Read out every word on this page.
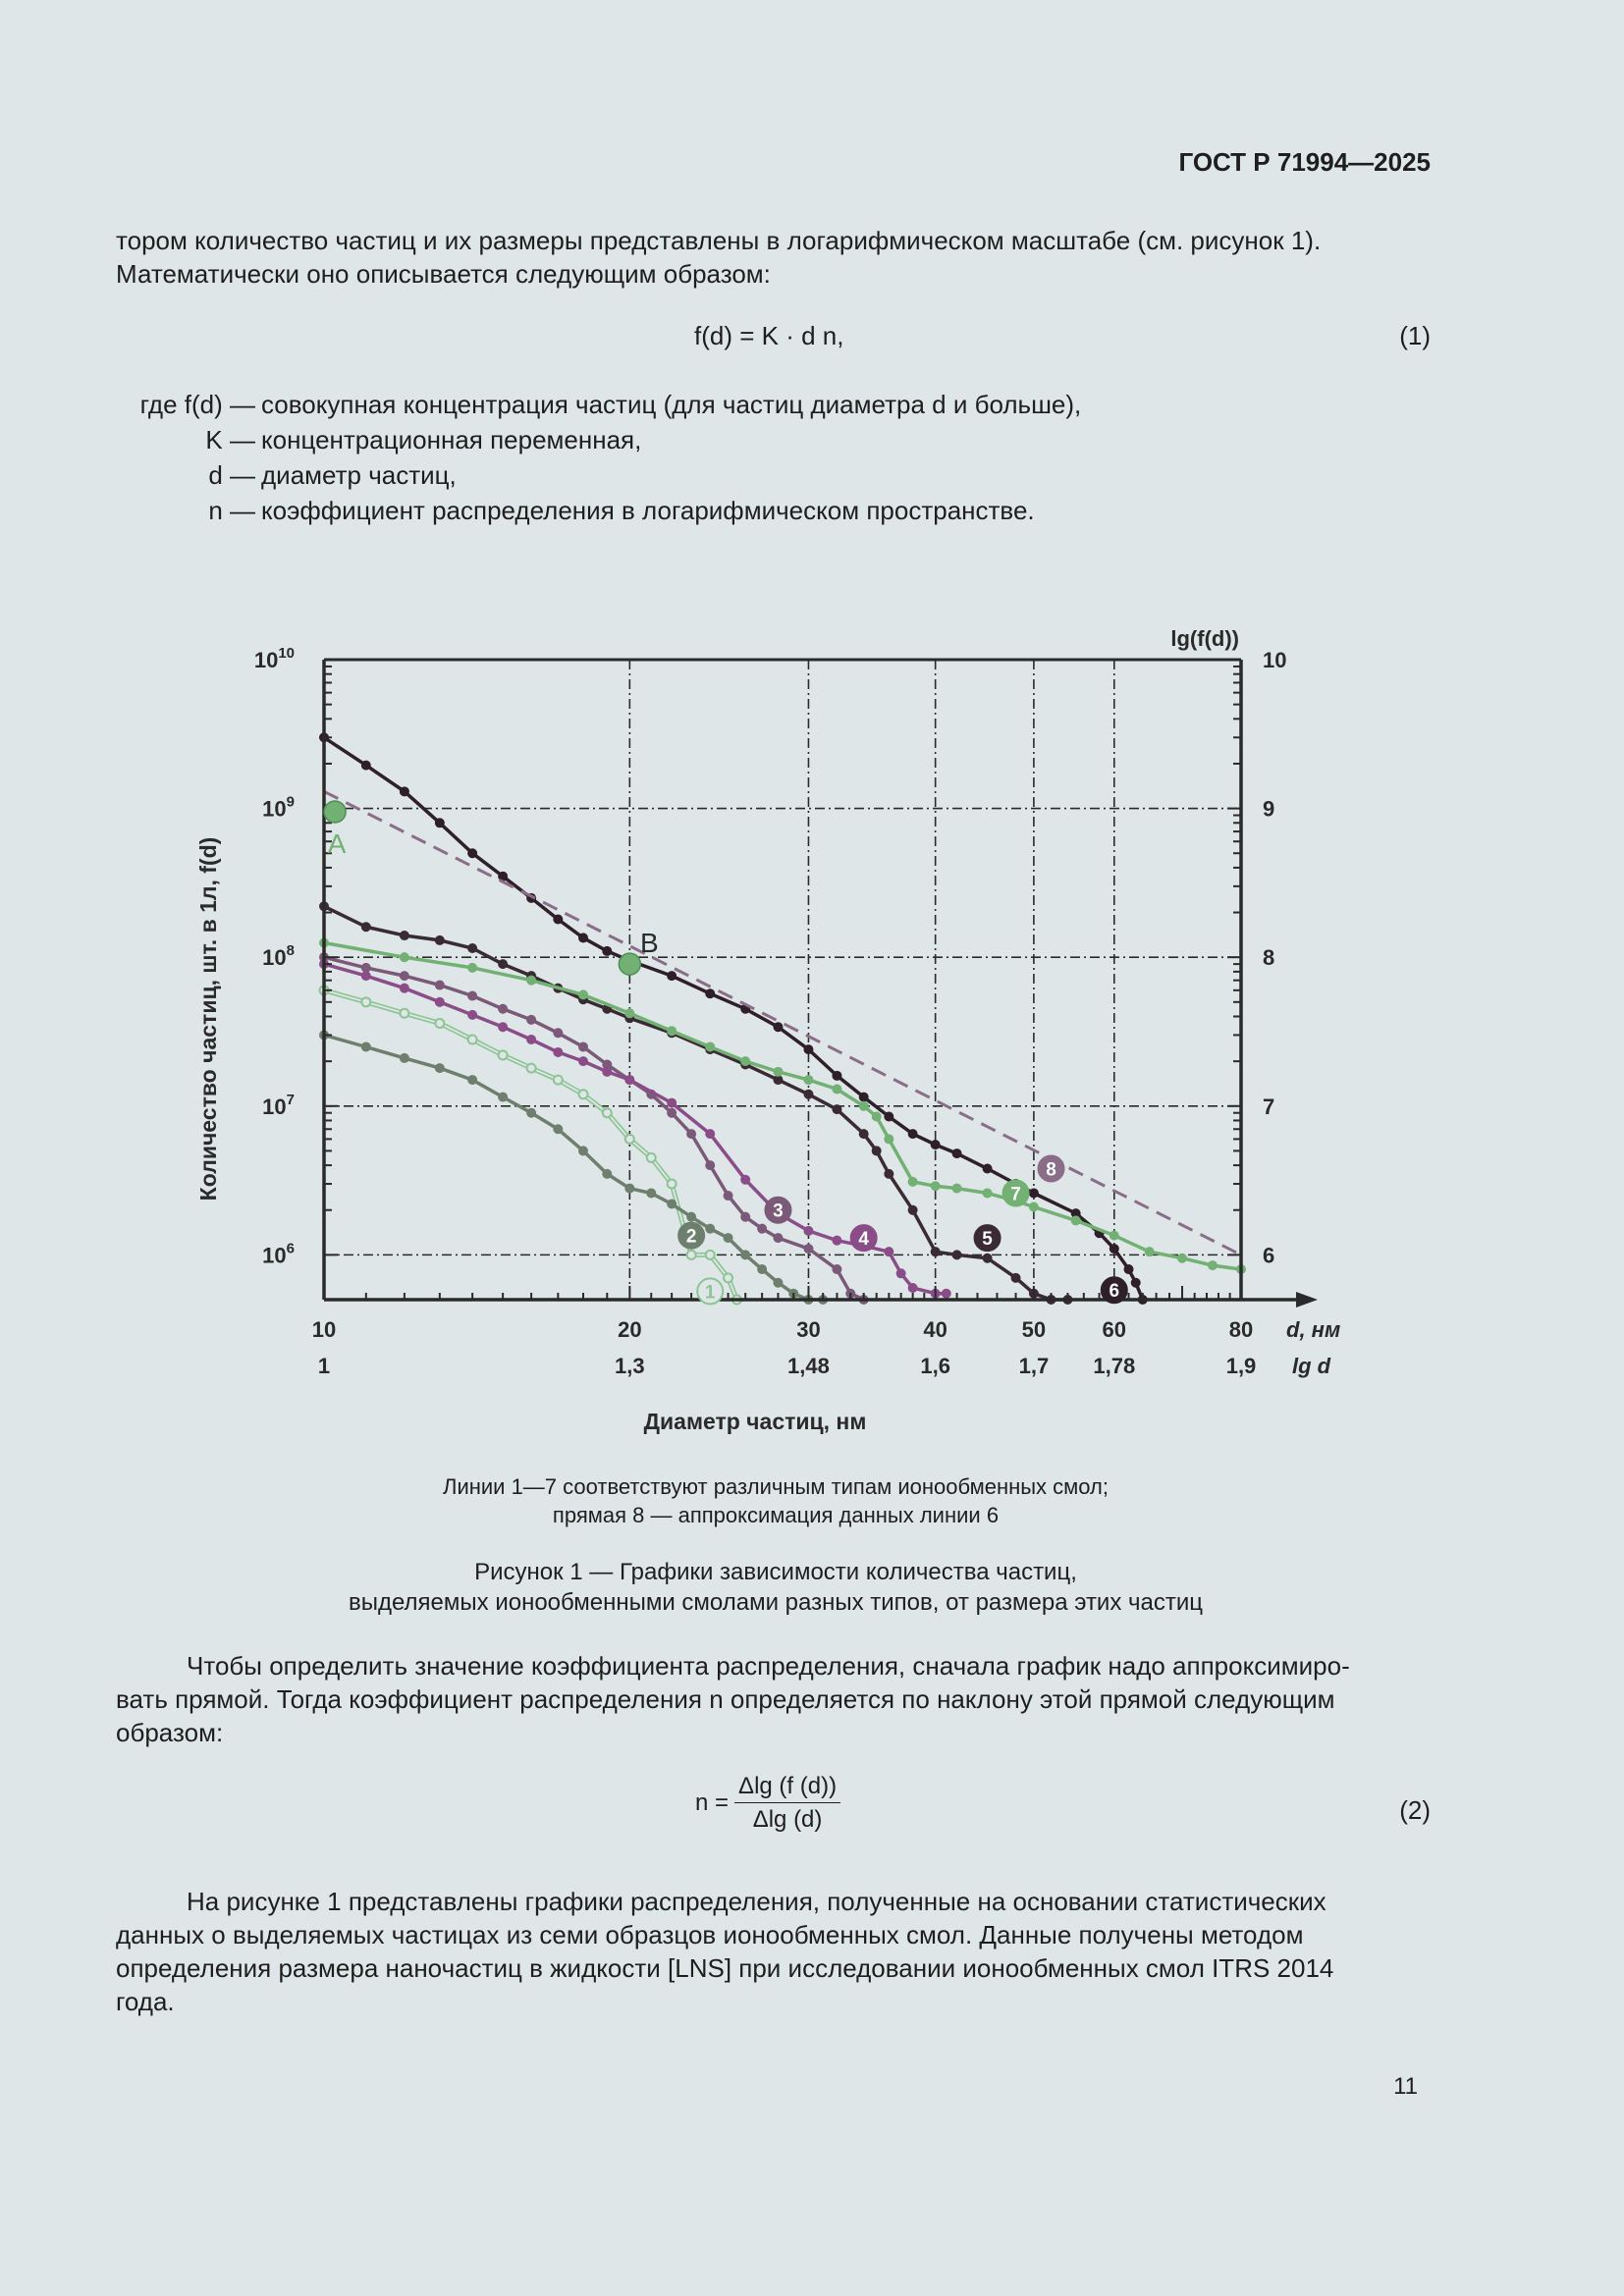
ГОСТ Р 71994—2025
тором количество частиц и их размеры представлены в логарифмическом масштабе (см. рисунок 1).
Математически оно описывается следующим образом:
f(d) = K · d n,	(1)
где f(d) — совокупная концентрация частиц (для частиц диаметра d и больше),
K — концентрационная переменная,
d — диаметр частиц,
n — коэффициент распределения в логарифмическом пространстве.
$10^{10}$
$10^9$
$10^8$
$10^7$
$10^6$
10
9
8
7
6
10
1
20
1,3
30
1,48
40
1,6
50
1,7
60
1,78
80
1,9
d, нм
lg d
lg(f(d))
Диаметр частиц, нм
Количество частиц, шт. в 1л, f(d)
1
2
3
4	5
6
7
8
A
B
Линии 1—7 соответствуют различным типам ионообменных смол;
прямая 8 — аппроксимация данных линии 6
Рисунок 1 — Графики зависимости количества частиц,
выделяемых ионообменными смолами разных типов, от размера этих частиц
Чтобы определить значение коэффициента распределения, сначала график надо аппроксимиро-
вать прямой. Тогда коэффициент распределения n определяется по наклону этой прямой следующим
образом:
$n = \frac{\Delta\lg (f (d))}{\Delta\lg (d)}$	(2)
На рисунке 1 представлены графики распределения, полученные на основании статистических
данных о выделяемых частицах из семи образцов ионообменных смол. Данные получены методом
определения размера наночастиц в жидкости [LNS] при исследовании ионообменных смол ITRS 2014
года.
11
